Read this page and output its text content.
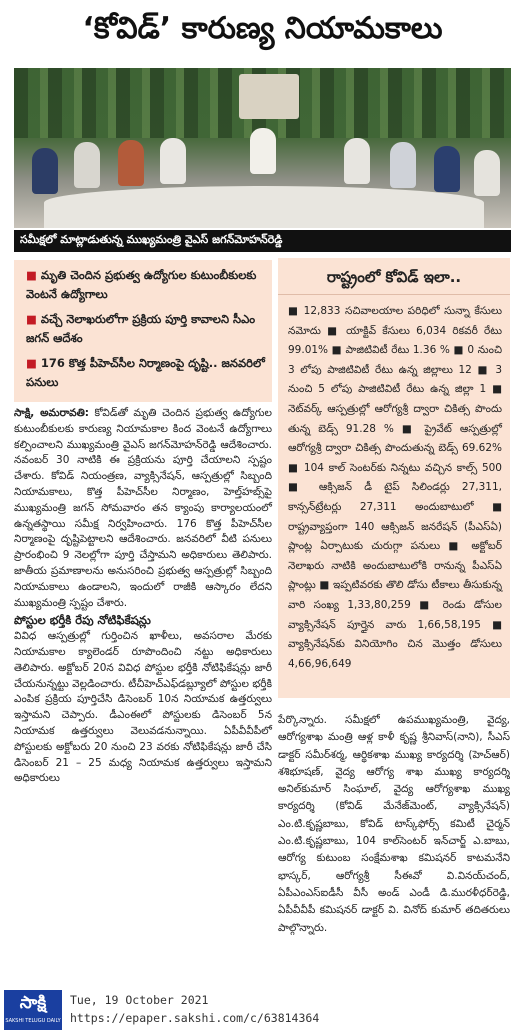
‘కోవిడ్’ కారుణ్య నియామకాలు
సమీక్షలో మాట్లాడుతున్న ముఖ్యమంత్రి వైఎస్ జగన్‌మోహన్‌రెడ్డి
■ మృతి చెందిన ప్రభుత్వ ఉద్యోగుల కుటుంబీకులకు వెంటనే ఉద్యోగాలు
■ వచ్చే నెలాఖరులోగా ప్రక్రియ పూర్తి కావాలని సీఎం జగన్ ఆదేశం
■ 176 కొత్త పీహెచ్‌సీల నిర్మాణంపై దృష్టి.. జనవరిలో పనులు
రాష్ట్రంలో కోవిడ్ ఇలా..
■ 12,833 సచివాలయాల పరిధిలో సున్నా కేసులు నమోదు ■ యాక్టివ్ కేసులు 6,034 రికవరీ రేటు 99.01% ■ పాజిటివిటీ రేటు 1.36 % ■ 0 నుంచి 3 లోపు పాజిటివిటీ రేటు ఉన్న జిల్లాలు 12 ■ 3 నుంచి 5 లోపు పాజిటివిటీ రేటు ఉన్న జిల్లా 1 ■ నెట్‌వర్క్ ఆస్పత్రుల్లో ఆరోగ్యశ్రీ ద్వారా చికిత్స పొందు తున్న బెడ్స్ 91.28 % ■ ప్రైవేట్ ఆస్పత్రుల్లో ఆరోగ్యశ్రీ ద్వారా చికిత్స పొందుతున్న బెడ్స్ 69.62% ■ 104 కాల్ సెంటర్‌కు నిన్నటు వచ్చిన కాల్స్ 500 ■ ఆక్సిజన్ డీ టైప్ సిలిండర్లు 27,311, కాన్సన్‌ట్రేటర్లు 27,311 అందుబాటులో ■ రాష్ట్రవ్యాప్తంగా 140 ఆక్సిజన్ జనరేషన్ (పీఎస్‌ఏ) ప్లాంట్ల ఏర్పాటుకు చురుగ్గా పనులు ■ అక్టోబర్ నెలాఖరు నాటికి అందుబాటులోకి రానున్న పీఎస్‌ఏ ప్లాంట్లు ■ ఇప్పటివరకు తొలి డోసు టీకాలు తీసుకున్న వారి సంఖ్య 1,33,80,259 ■ రెండు డోసుల వ్యాక్సినేషన్ పూర్తైన వారు 1,66,58,195 ■ వ్యాక్సినేషన్‌కు వినియోగిం చిన మొత్తం డోసులు 4,66,96,649
సాక్షి, అమరావతి: కోవిడ్‌తో మృతి చెందిన ప్రభుత్వ ఉద్యోగుల కుటుంబీకులకు కారుణ్య నియామకాల కింద వెంటనే ఉద్యోగాలు కల్పించాలని ముఖ్యమంత్రి వైఎస్ జగన్‌మోహన్‌రెడ్డి ఆదేశించారు. నవంబర్ 30 నాటికి ఈ ప్రక్రియను పూర్తి చేయాలని స్పష్టం చేశారు. కోవిడ్ నియంత్రణ, వ్యాక్సినేషన్, ఆస్పత్రుల్లో సిబ్బంది నియామకాలు, కొత్త పీహెచ్‌సీల నిర్మాణం, హెల్త్‌హబ్స్‌పై ముఖ్యమంత్రి జగన్ సోమవారం తన క్యాంపు కార్యాలయంలో ఉన్నతస్థాయి సమీక్ష నిర్వహించారు. 176 కొత్త పీహెచ్‌సీల నిర్మాణంపై దృష్టిపెట్టాలని ఆదేశించారు. జనవరిలో వీటి పనులు ప్రారంభించి 9 నెలల్లోగా పూర్తి చేస్తామని అధికారులు తెలిపారు. జాతీయ ప్రమాణాలను అనుసరించి ప్రభుత్వ ఆస్పత్రుల్లో సిబ్బంది నియామకాలు ఉండాలని, ఇందులో రాజీకి ఆస్కారం లేదని ముఖ్యమంత్రి స్పష్టం చేశారు.
పోస్టుల భర్తీకి రేపు నోటిఫికేషన్లు
వివిధ ఆస్పత్రుల్లో గుర్తించిన ఖాళీలు, అవసరాల మేరకు నియామకాల క్యాలెండర్ రూపొందించి నట్టు అధికారులు తెలిపారు. అక్టోబర్ 20న వివిధ పోస్టుల భర్తీకి నోటిఫికేషన్లు జారీ చేయనున్నట్టు వెల్లడించారు. టీచీహెచ్‌ఎఫ్‌డబ్ల్యూలో పోస్టుల భర్తీకి ఎంపిక ప్రక్రియ పూర్తిచేసి డిసెంబర్ 10న నియామక ఉత్తర్వులు ఇస్తామని చెప్పారు. డీఎంఈలో పోస్టులకు డిసెంబర్ 5న నియామక ఉత్తర్వులు వెలువడనున్నాయి. ఏపీవీవీపీలో పోస్టులకు అక్టోబరు 20 నుంచి 23 వరకు నోటిఫికేషన్లు జారీ చేసి డిసెంబర్ 21 – 25 మధ్య నియామక ఉత్తర్వులు ఇస్తామని అధికారులు
పేర్కొన్నారు. సమీక్షలో ఉపముఖ్యమంత్రి, వైద్య, ఆరోగ్యశాఖ మంత్రి ఆళ్ల కాళీ కృష్ణ శ్రీనివాస్(నాని), సీఎస్ డాక్టర్ సమీర్‌శర్మ, ఆర్థికశాఖ ముఖ్య కార్యదర్శి (హెచ్‌ఆర్) శశిభూషణ్, వైద్య ఆరోగ్య శాఖ ముఖ్య కార్యదర్శి అనిల్‌కుమార్ సింఘాల్, వైద్య ఆరోగ్యశాఖ ముఖ్య కార్యదర్శి (కోవిడ్ మేనేజ్‌మెంట్, వ్యాక్సినేషన్) ఎం.టి.కృష్ణబాబు, కోవిడ్ టాస్క్‌ఫోర్స్ కమిటీ చైర్మన్ ఎం.టి.కృష్ణబాబు, 104 కాల్‌సెంటర్ ఇన్‌చార్జ్ ఎ.బాబు, ఆరోగ్య కుటుంబ సంక్షేమశాఖ కమిషనర్ కాటమనేని భాస్కర్, ఆరోగ్యశ్రీ సీఈవో వి.వినయ్‌చంద్, ఏపీఎంఎస్‌ఐడీసీ వీసీ అండ్ ఎండీ డి.మురళీధర్‌రెడ్డి, ఏపీవీవీపీ కమిషనర్ డాక్టర్ వి. వినోద్ కుమార్ తదితరులు పాల్గొన్నారు.
సాక్షి
SAKSHI TELUGU DAILY
Tue, 19 October 2021
https://epaper.sakshi.com/c/63814364
